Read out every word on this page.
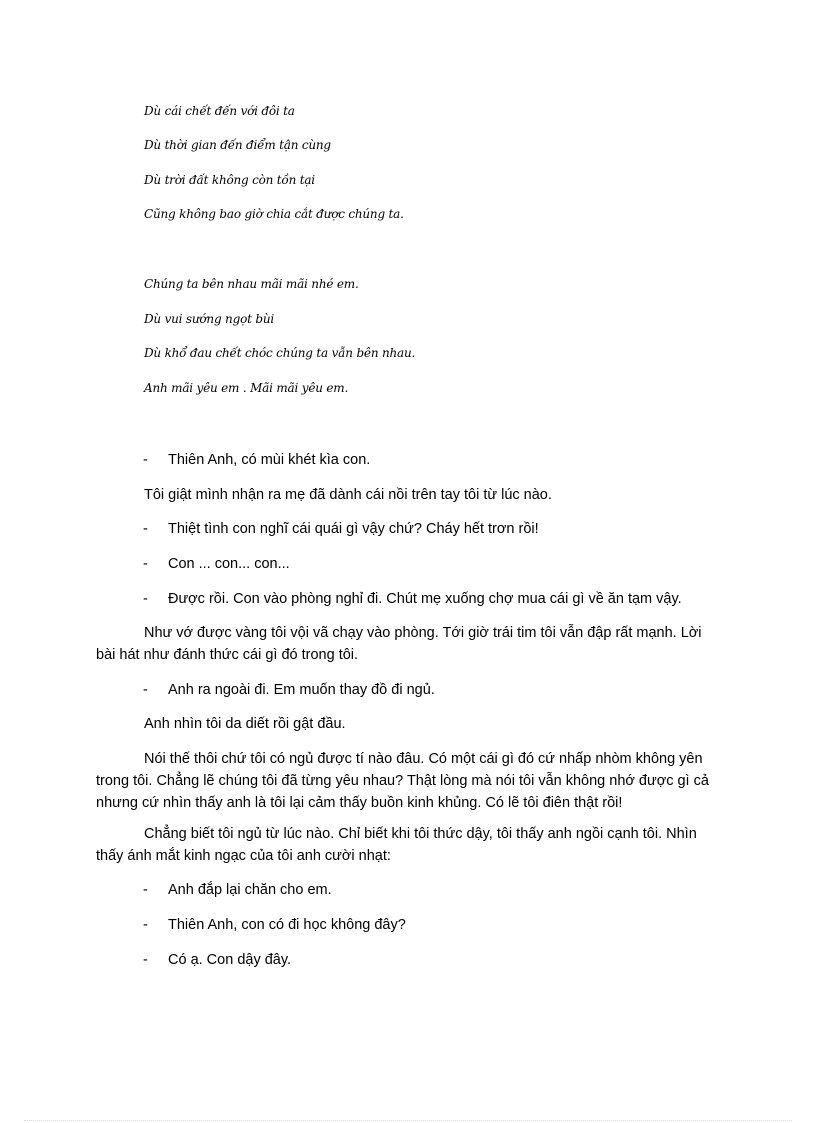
Dù cái chết đến với đôi ta
Dù thời gian đến điểm tận cùng
Dù trời đất không còn tồn tại
Cũng không bao giờ chia cắt được chúng ta.
Chúng ta bên nhau mãi mãi nhé em.
Dù vui sướng ngọt bùi
Dù khổ đau chết chóc chúng ta vẫn bên nhau.
Anh mãi yêu em . Mãi mãi yêu em.
- Thiên Anh, có mùi khét kìa con.
Tôi giật mình nhận ra mẹ đã dành cái nồi trên tay tôi từ lúc nào.
- Thiệt tình con nghĩ cái quái gì vậy chứ? Cháy hết trơn rồi!
- Con ... con... con...
- Được rồi. Con vào phòng nghỉ đi. Chút mẹ xuống chợ mua cái gì về ăn tạm vậy.
Như vớ được vàng tôi vội vã chạy vào phòng. Tới giờ trái tim tôi vẫn đập rất mạnh. Lời
bài hát như đánh thức cái gì đó trong tôi.
- Anh ra ngoài đi. Em muốn thay đồ đi ngủ.
Anh nhìn tôi da diết rồi gật đầu.
Nói thế thôi chứ tôi có ngủ được tí nào đâu. Có một cái gì đó cứ nhấp nhòm không yên
trong tôi. Chẳng lẽ chúng tôi đã từng yêu nhau? Thật lòng mà nói tôi vẫn không nhớ được gì cả
nhưng cứ nhìn thấy anh là tôi lại cảm thấy buồn kinh khủng. Có lẽ tôi điên thật rồi!
Chẳng biết tôi ngủ từ lúc nào. Chỉ biết khi tôi thức dậy, tôi thấy anh ngồi cạnh tôi. Nhìn
thấy ánh mắt kinh ngạc của tôi anh cười nhạt:
- Anh đắp lại chăn cho em.
- Thiên Anh, con có đi học không đây?
- Có ạ. Con dậy đây.
